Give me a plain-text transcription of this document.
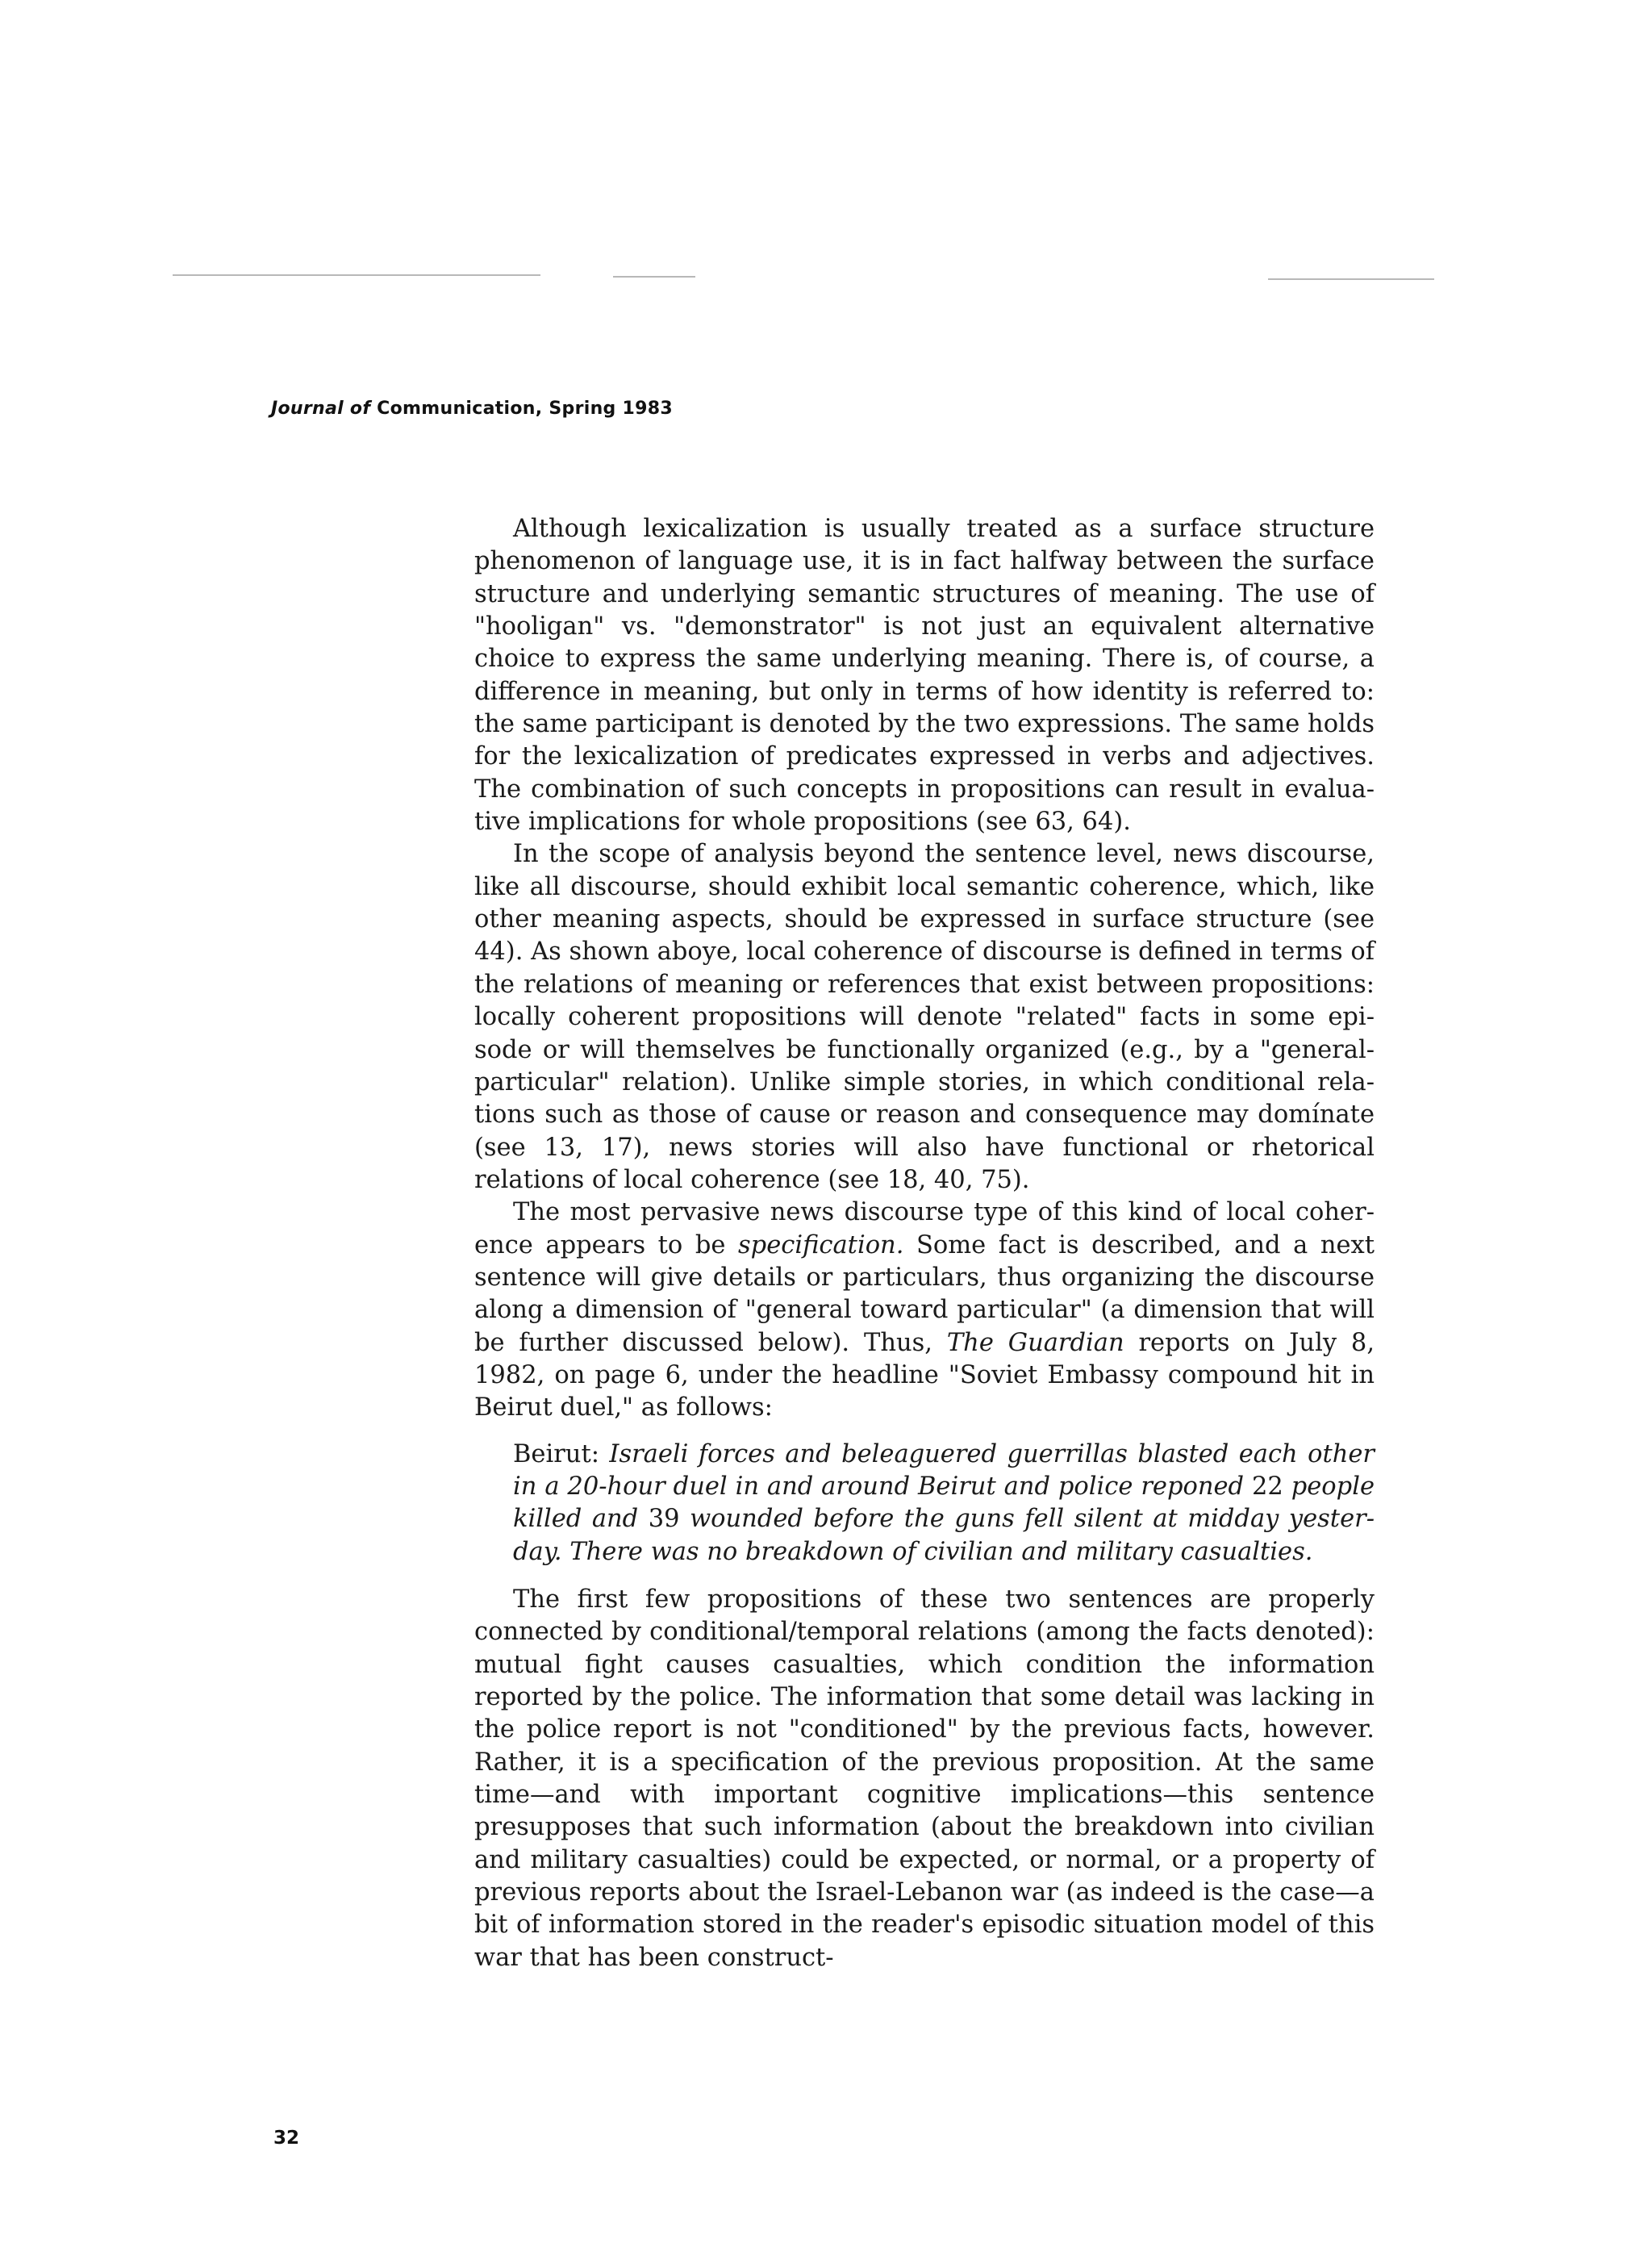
Journal of Communication, Spring 1983

Although lexicalization is usually treated as a surface structure phenomenon of language use, it is in fact halfway between the surface structure and underlying semantic structures of meaning. The use of "hooligan" vs. "demonstrator" is not just an equivalent alternative choice to express the same underlying meaning. There is, of course, a difference in meaning, but only in terms of how identity is referred to: the same participant is denoted by the two expressions. The same holds for the lexicalization of predicates expressed in verbs and adjectives. The combination of such concepts in propositions can result in evaluative implications for whole propositions (see 63, 64).

In the scope of analysis beyond the sentence level, news discourse, like all discourse, should exhibit local semantic coherence, which, like other meaning aspects, should be expressed in surface structure (see 44). As shown aboye, local coherence of discourse is defined in terms of the relations of meaning or references that exist between propositions: locally coherent propositions will denote "related" facts in some episode or will themselves be functionally organized (e.g., by a "general-particular" relation). Unlike simple stories, in which conditional relations such as those of cause or reason and consequence may domínate (see 13, 17), news stories will also have functional or rhetorical relations of local coherence (see 18, 40, 75).

The most pervasive news discourse type of this kind of local coherence appears to be specification. Some fact is described, and a next sentence will give details or particulars, thus organizing the discourse along a dimension of "general toward particular" (a dimension that will be further discussed below). Thus, The Guardian reports on July 8, 1982, on page 6, under the headline "Soviet Embassy compound hit in Beirut duel," as follows:

Beirut: Israeli forces and beleaguered guerrillas blasted each other in a 20-hour duel in and around Beirut and police reponed 22 people killed and 39 wounded before the guns fell silent at midday yesterday. There was no breakdown of civilian and military casualties.

The first few propositions of these two sentences are properly connected by conditional/temporal relations (among the facts denoted): mutual fight causes casualties, which condition the information reported by the police. The information that some detail was lacking in the police report is not "conditioned" by the previous facts, however. Rather, it is a specification of the previous proposition. At the same time—and with important cognitive implications—this sentence presupposes that such information (about the breakdown into civilian and military casualties) could be expected, or normal, or a property of previous reports about the Israel-Lebanon war (as indeed is the case—a bit of information stored in the reader's episodic situation model of this war that has been construct-

32
